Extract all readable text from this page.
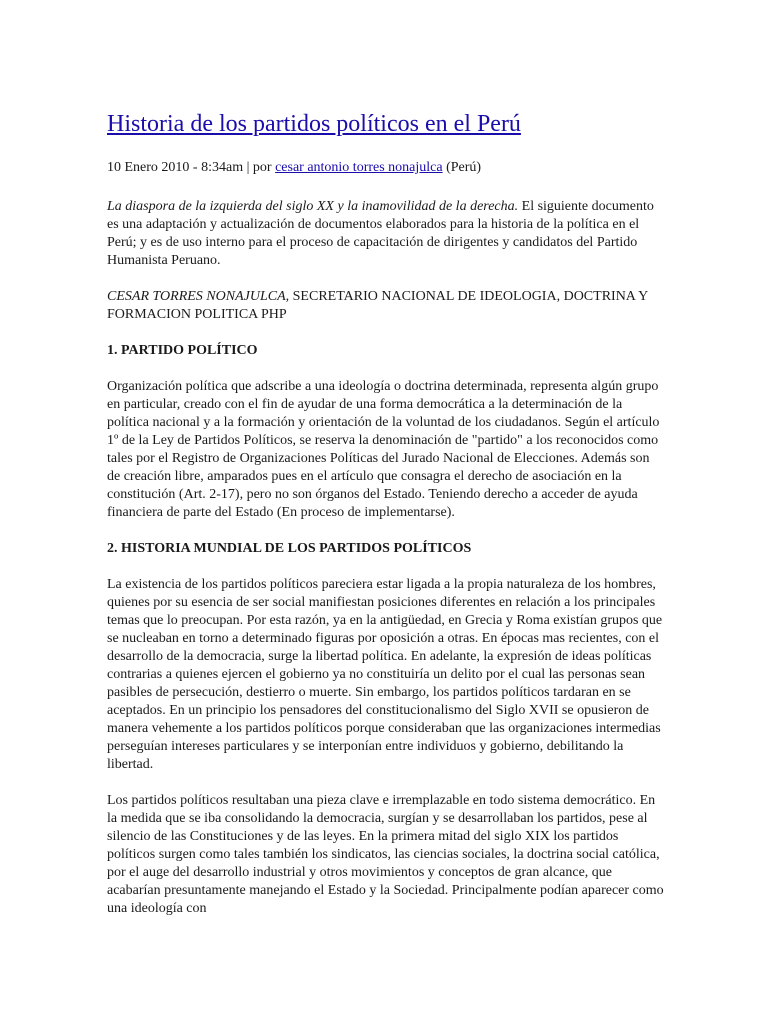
Historia de los partidos políticos en el Perú
10 Enero 2010 - 8:34am | por cesar antonio torres nonajulca (Perú)

La diaspora de la izquierda del siglo XX y la inamovilidad de la derecha. El siguiente documento es una adaptación y actualización de documentos elaborados para la historia de la política en el Perú; y es de uso interno para el proceso de capacitación de dirigentes y candidatos del Partido Humanista Peruano.

CESAR TORRES NONAJULCA, SECRETARIO NACIONAL DE IDEOLOGIA, DOCTRINA Y FORMACION POLITICA PHP

1. PARTIDO POLÍTICO

Organización política que adscribe a una ideología o doctrina determinada, representa algún grupo en particular, creado con el fin de ayudar de una forma democrática a la determinación de la política nacional y a la formación y orientación de la voluntad de los ciudadanos. Según el artículo 1º de la Ley de Partidos Políticos, se reserva la denominación de "partido" a los reconocidos como tales por el Registro de Organizaciones Políticas del Jurado Nacional de Elecciones. Además son de creación libre, amparados pues en el artículo que consagra el derecho de asociación en la constitución (Art. 2-17), pero no son órganos del Estado. Teniendo derecho a acceder de ayuda financiera de parte del Estado (En proceso de implementarse).

2. HISTORIA MUNDIAL DE LOS PARTIDOS POLÍTICOS

La existencia de los partidos políticos pareciera estar ligada a la propia naturaleza de los hombres, quienes por su esencia de ser social manifiestan posiciones diferentes en relación a los principales temas que lo preocupan. Por esta razón, ya en la antigüedad, en Grecia y Roma existían grupos que se nucleaban en torno a determinado figuras por oposición a otras. En épocas mas recientes, con el desarrollo de la democracia, surge la libertad política. En adelante, la expresión de ideas políticas contrarias a quienes ejercen el gobierno ya no constituiría un delito por el cual las personas sean pasibles de persecución, destierro o muerte. Sin embargo, los partidos políticos tardaran en se aceptados. En un principio los pensadores del constitucionalismo del Siglo XVII se opusieron de manera vehemente a los partidos políticos porque consideraban que las organizaciones intermedias perseguían intereses particulares y se interponían entre individuos y gobierno, debilitando la libertad.

Los partidos políticos resultaban una pieza clave e irremplazable en todo sistema democrático. En la medida que se iba consolidando la democracia, surgían y se desarrollaban los partidos, pese al silencio de las Constituciones y de las leyes. En la primera mitad del siglo XIX los partidos políticos surgen como tales también los sindicatos, las ciencias sociales, la doctrina social católica, por el auge del desarrollo industrial y otros movimientos y conceptos de gran alcance, que acabarían presuntamente manejando el Estado y la Sociedad. Principalmente podían aparecer como una ideología con
